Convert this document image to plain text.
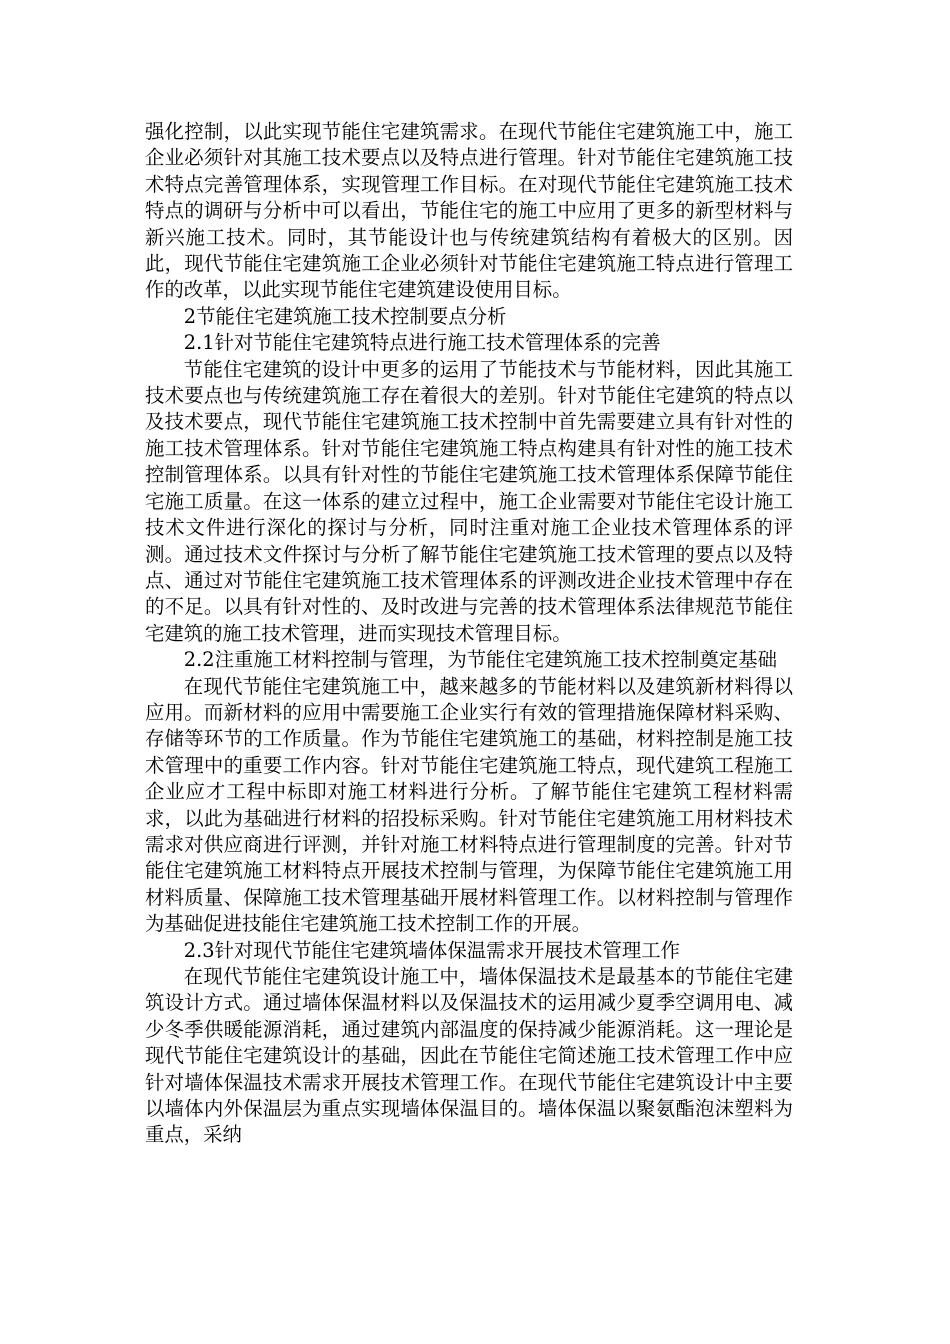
强化控制，以此实现节能住宅建筑需求。在现代节能住宅建筑施工中，施工企业必须针对其施工技术要点以及特点进行管理。针对节能住宅建筑施工技术特点完善管理体系，实现管理工作目标。在对现代节能住宅建筑施工技术特点的调研与分析中可以看出，节能住宅的施工中应用了更多的新型材料与新兴施工技术。同时，其节能设计也与传统建筑结构有着极大的区别。因此，现代节能住宅建筑施工企业必须针对节能住宅建筑施工特点进行管理工作的改革，以此实现节能住宅建筑建设使用目标。

2节能住宅建筑施工技术控制要点分析

2.1针对节能住宅建筑特点进行施工技术管理体系的完善

节能住宅建筑的设计中更多的运用了节能技术与节能材料，因此其施工技术要点也与传统建筑施工存在着很大的差别。针对节能住宅建筑的特点以及技术要点，现代节能住宅建筑施工技术控制中首先需要建立具有针对性的施工技术管理体系。针对节能住宅建筑施工特点构建具有针对性的施工技术控制管理体系。以具有针对性的节能住宅建筑施工技术管理体系保障节能住宅施工质量。在这一体系的建立过程中，施工企业需要对节能住宅设计施工技术文件进行深化的探讨与分析，同时注重对施工企业技术管理体系的评测。通过技术文件探讨与分析了解节能住宅建筑施工技术管理的要点以及特点、通过对节能住宅建筑施工技术管理体系的评测改进企业技术管理中存在的不足。以具有针对性的、及时改进与完善的技术管理体系法律规范节能住宅建筑的施工技术管理，进而实现技术管理目标。

2.2注重施工材料控制与管理，为节能住宅建筑施工技术控制奠定基础

在现代节能住宅建筑施工中，越来越多的节能材料以及建筑新材料得以应用。而新材料的应用中需要施工企业实行有效的管理措施保障材料采购、存储等环节的工作质量。作为节能住宅建筑施工的基础，材料控制是施工技术管理中的重要工作内容。针对节能住宅建筑施工特点，现代建筑工程施工企业应才工程中标即对施工材料进行分析。了解节能住宅建筑工程材料需求，以此为基础进行材料的招投标采购。针对节能住宅建筑施工用材料技术需求对供应商进行评测，并针对施工材料特点进行管理制度的完善。针对节能住宅建筑施工材料特点开展技术控制与管理，为保障节能住宅建筑施工用材料质量、保障施工技术管理基础开展材料管理工作。以材料控制与管理作为基础促进技能住宅建筑施工技术控制工作的开展。

2.3针对现代节能住宅建筑墙体保温需求开展技术管理工作

在现代节能住宅建筑设计施工中，墙体保温技术是最基本的节能住宅建筑设计方式。通过墙体保温材料以及保温技术的运用减少夏季空调用电、减少冬季供暖能源消耗，通过建筑内部温度的保持减少能源消耗。这一理论是现代节能住宅建筑设计的基础，因此在节能住宅简述施工技术管理工作中应针对墙体保温技术需求开展技术管理工作。在现代节能住宅建筑设计中主要以墙体内外保温层为重点实现墙体保温目的。墙体保温以聚氨酯泡沫塑料为重点，采纳
